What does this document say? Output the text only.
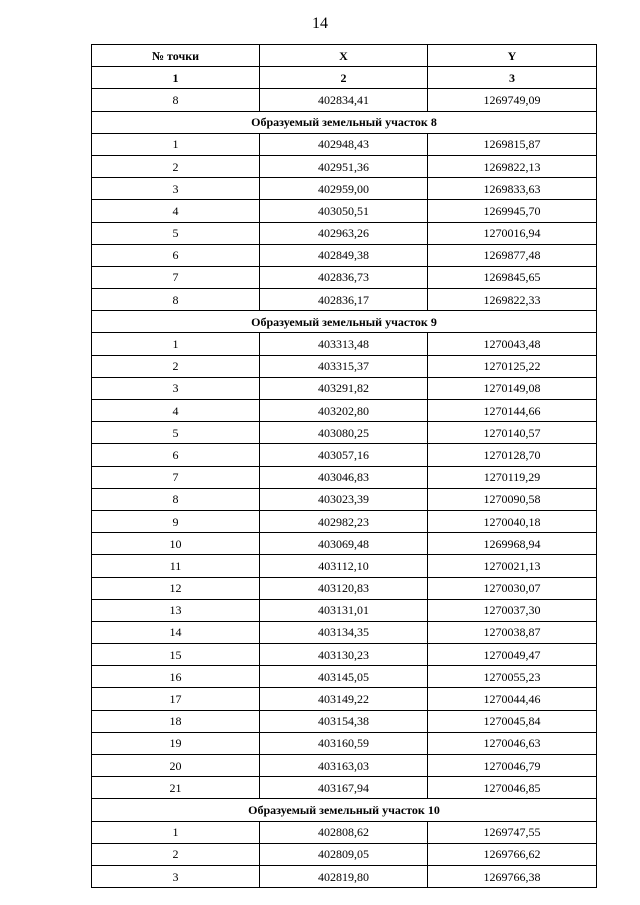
14
№ точки	X	Y
1	2	3
8	402834,41	1269749,09
Образуемый земельный участок 8		
1	402948,43	1269815,87
2	402951,36	1269822,13
3	402959,00	1269833,63
4	403050,51	1269945,70
5	402963,26	1270016,94
6	402849,38	1269877,48
7	402836,73	1269845,65
8	402836,17	1269822,33
Образуемый земельный участок 9		
1	403313,48	1270043,48
2	403315,37	1270125,22
3	403291,82	1270149,08
4	403202,80	1270144,66
5	403080,25	1270140,57
6	403057,16	1270128,70
7	403046,83	1270119,29
8	403023,39	1270090,58
9	402982,23	1270040,18
10	403069,48	1269968,94
11	403112,10	1270021,13
12	403120,83	1270030,07
13	403131,01	1270037,30
14	403134,35	1270038,87
15	403130,23	1270049,47
16	403145,05	1270055,23
17	403149,22	1270044,46
18	403154,38	1270045,84
19	403160,59	1270046,63
20	403163,03	1270046,79
21	403167,94	1270046,85
Образуемый земельный участок 10		
1	402808,62	1269747,55
2	402809,05	1269766,62
3	402819,80	1269766,38
